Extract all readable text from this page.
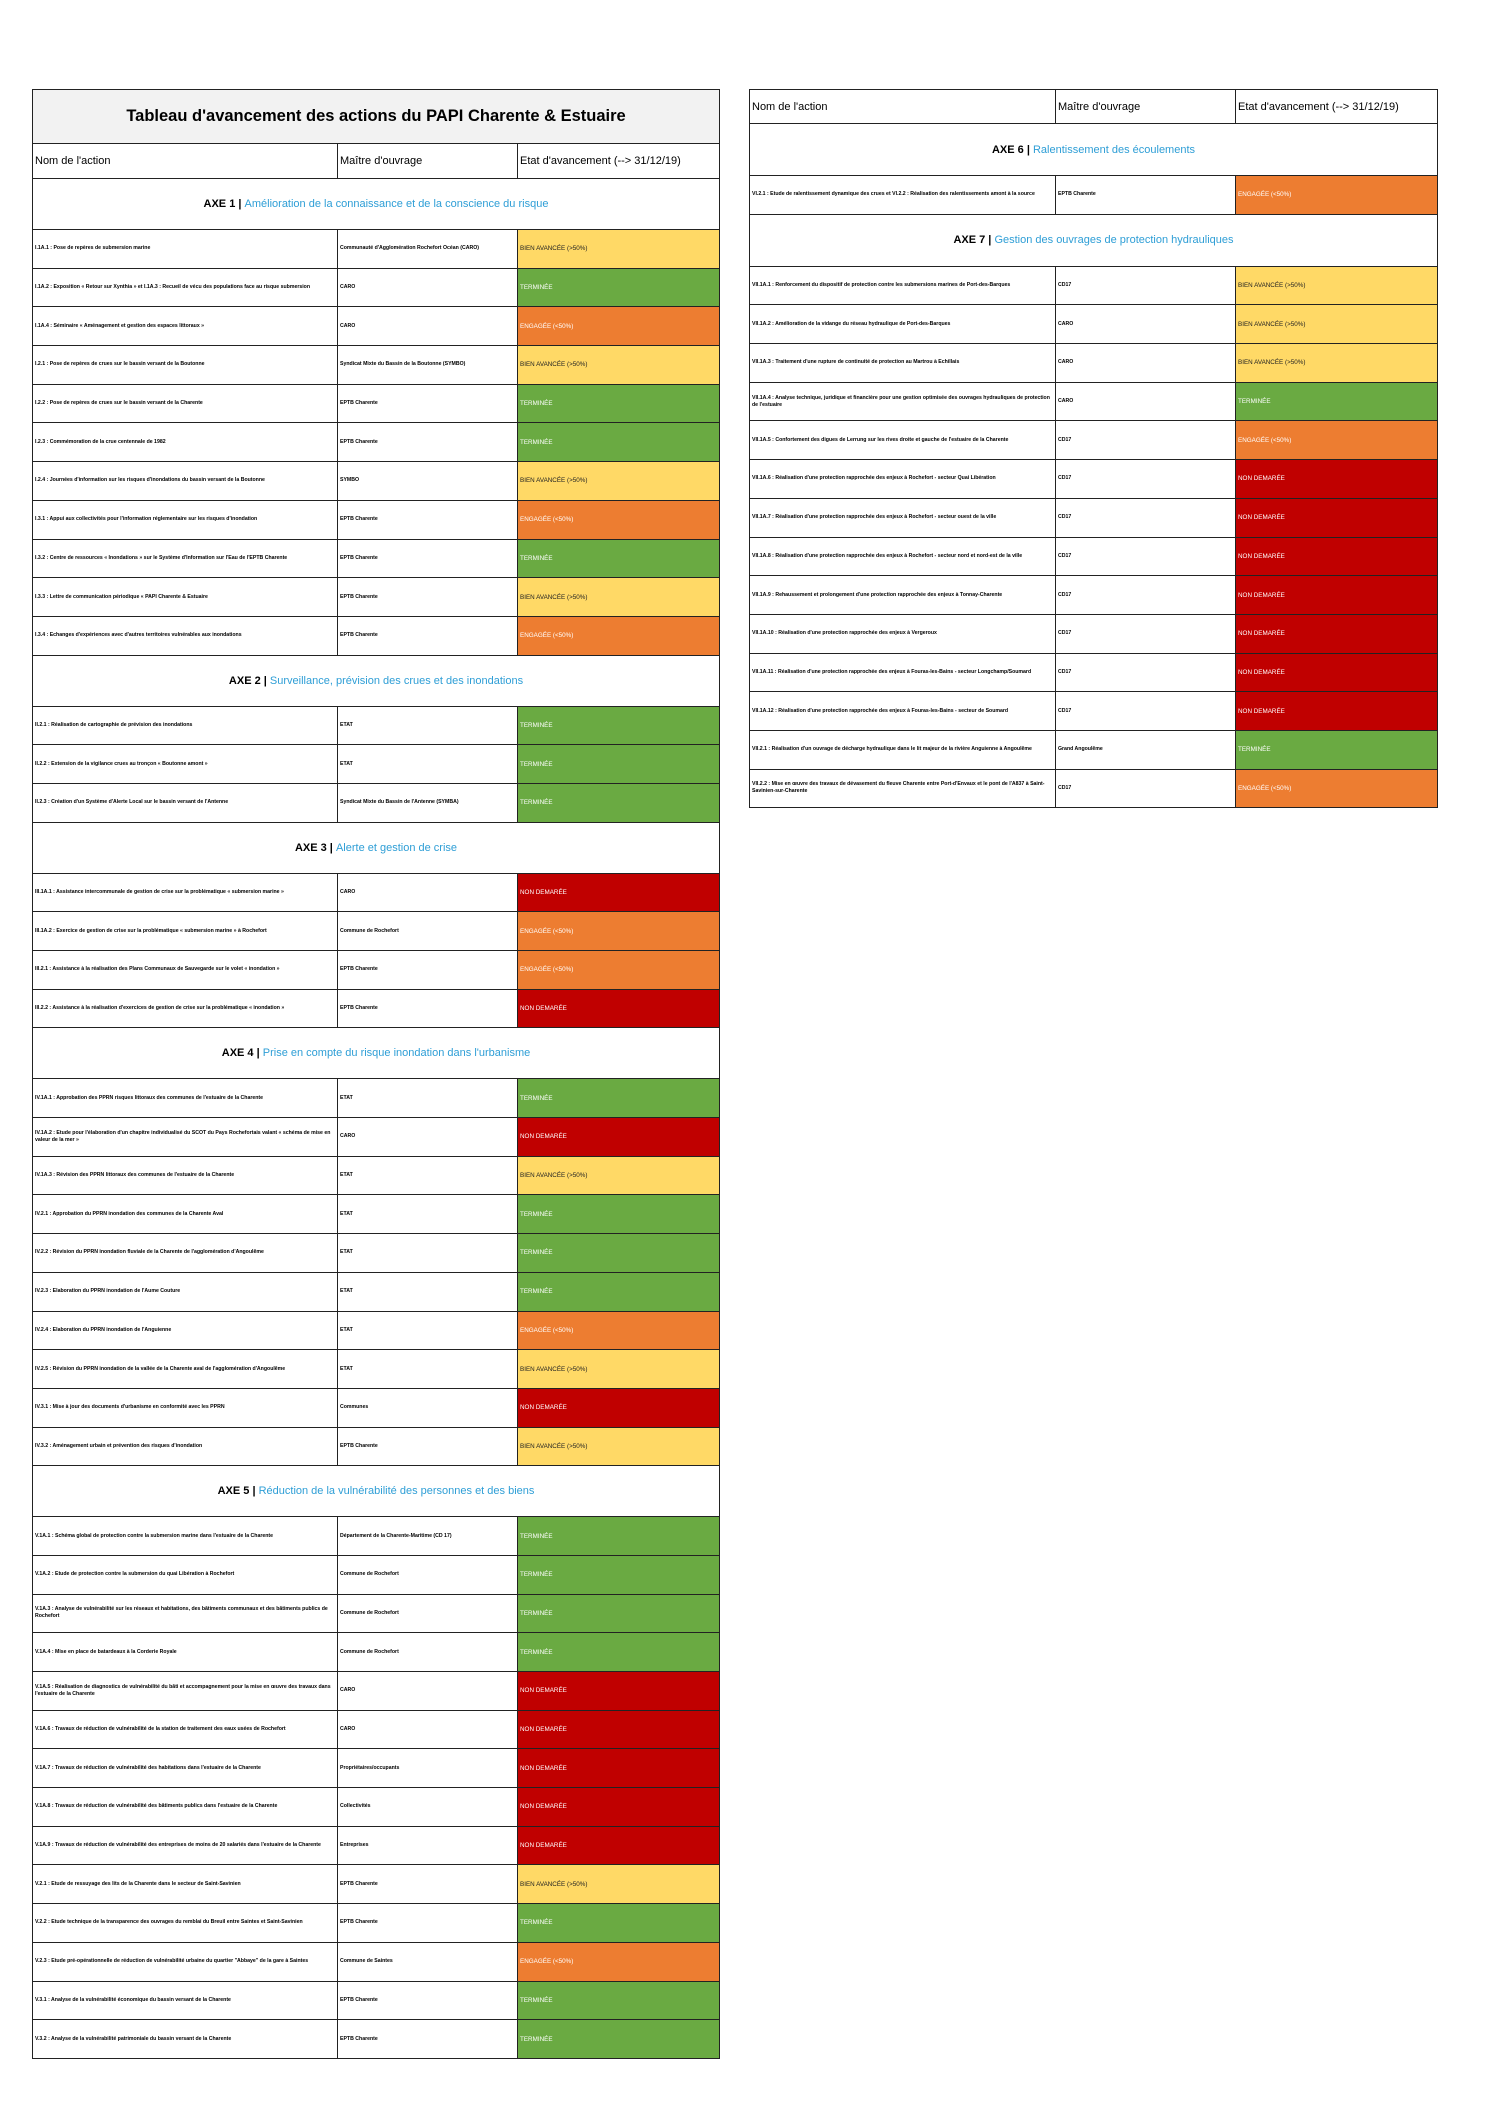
Tableau d'avancement des actions du PAPI Charente & Estuaire		
Nom de l'action	Maître d'ouvrage	Etat d'avancement (--> 31/12/19)
AXE 1 | Amélioration de la connaissance et de la conscience du risque		
I.1A.1 : Pose de repères de submersion marine	Communauté d'Agglomération Rochefort Océan (CARO)	BIEN AVANCÉE (>50%)
I.1A.2 : Exposition « Retour sur Xynthia » et I.1A.3 : Recueil de vécu des populations face au risque submersion	CARO	TERMINÉE
I.1A.4 : Séminaire « Aménagement et gestion des espaces littoraux »	CARO	ENGAGÉE (<50%)
I.2.1 : Pose de repères de crues sur le bassin versant de la Boutonne	Syndicat Mixte du Bassin de la Boutonne (SYMBO)	BIEN AVANCÉE (>50%)
I.2.2 : Pose de repères de crues sur le bassin versant de la Charente	EPTB Charente	TERMINÉE
I.2.3 : Commémoration de la crue centennale de 1982	EPTB Charente	TERMINÉE
I.2.4 : Journées d'information sur les risques d'inondations du bassin versant de la Boutonne	SYMBO	BIEN AVANCÉE (>50%)
I.3.1 : Appui aux collectivités pour l'information réglementaire sur les risques d'inondation	EPTB Charente	ENGAGÉE (<50%)
I.3.2 : Centre de ressources « Inondations » sur le Système d'Information sur l'Eau de l'EPTB Charente	EPTB Charente	TERMINÉE
I.3.3 : Lettre de communication périodique « PAPI Charente & Estuaire	EPTB Charente	BIEN AVANCÉE (>50%)
I.3.4 : Echanges d'expériences avec d'autres territoires vulnérables aux inondations	EPTB Charente	ENGAGÉE (<50%)
AXE 2 | Surveillance, prévision des crues et des inondations		
II.2.1 : Réalisation de cartographie de prévision des inondations	ETAT	TERMINÉE
II.2.2 : Extension de la vigilance crues au tronçon « Boutonne amont »	ETAT	TERMINÉE
II.2.3 : Création d'un Système d'Alerte Local sur le bassin versant de l'Antenne	Syndicat Mixte du Bassin de l'Antenne (SYMBA)	TERMINÉE
AXE 3 | Alerte et gestion de crise		
III.1A.1 : Assistance intercommunale de gestion de crise sur la problématique « submersion marine »	CARO	NON DEMARÉE
III.1A.2 : Exercice de gestion de crise sur la problématique « submersion marine » à Rochefort	Commune de Rochefort	ENGAGÉE (<50%)
III.2.1 : Assistance à la réalisation des Plans Communaux de Sauvegarde sur le volet « inondation »	EPTB Charente	ENGAGÉE (<50%)
III.2.2 : Assistance à la réalisation d'exercices de gestion de crise sur la problématique « inondation »	EPTB Charente	NON DEMARÉE
AXE 4 | Prise en compte du risque inondation dans l'urbanisme		
IV.1A.1 : Approbation des PPRN risques littoraux des communes de l'estuaire de la Charente	ETAT	TERMINÉE
IV.1A.2 : Etude pour l'élaboration d'un chapitre individualisé du SCOT du Pays Rochefortais valant « schéma de mise en valeur de la mer »	CARO	NON DEMARÉE
IV.1A.3 : Révision des PPRN littoraux des communes de l'estuaire de la Charente	ETAT	BIEN AVANCÉE (>50%)
IV.2.1 : Approbation du PPRN inondation des communes de la Charente Aval	ETAT	TERMINÉE
IV.2.2 : Révision du PPRN inondation fluviale de la Charente de l'agglomération d'Angoulême	ETAT	TERMINÉE
IV.2.3 : Elaboration du PPRN inondation de l'Aume Couture	ETAT	TERMINÉE
IV.2.4 : Elaboration du PPRN inondation de l'Anguienne	ETAT	ENGAGÉE (<50%)
IV.2.5 : Révision du PPRN inondation de la vallée de la Charente aval de l'agglomération d'Angoulême	ETAT	BIEN AVANCÉE (>50%)
IV.3.1 : Mise à jour des documents d'urbanisme en conformité avec les PPRN	Communes	NON DEMARÉE
IV.3.2 : Aménagement urbain et prévention des risques d'inondation	EPTB Charente	BIEN AVANCÉE (>50%)
AXE 5 | Réduction de la vulnérabilité des personnes et des biens		
V.1A.1 : Schéma global de protection contre la submersion marine dans l'estuaire de la Charente	Département de la Charente-Maritime (CD 17)	TERMINÉE
V.1A.2 : Etude de protection contre la submersion du quai Libération à Rochefort	Commune de Rochefort	TERMINÉE
V.1A.3 : Analyse de vulnérabilité sur les réseaux et habitations, des bâtiments communaux et des bâtiments publics de Rochefort	Commune de Rochefort	TERMINÉE
V.1A.4 : Mise en place de batardeaux à la Corderie Royale	Commune de Rochefort	TERMINÉE
V.1A.5 : Réalisation de diagnostics de vulnérabilité du bâti et accompagnement pour la mise en œuvre des travaux dans l'estuaire de la Charente	CARO	NON DEMARÉE
V.1A.6 : Travaux de réduction de vulnérabilité de la station de traitement des eaux usées de Rochefort	CARO	NON DEMARÉE
V.1A.7 : Travaux de réduction de vulnérabilité des habitations dans l'estuaire de la Charente	Propriétaires/occupants	NON DEMARÉE
V.1A.8 : Travaux de réduction de vulnérabilité des bâtiments publics dans l'estuaire de la Charente	Collectivités	NON DEMARÉE
V.1A.9 : Travaux de réduction de vulnérabilité des entreprises de moins de 20 salariés dans l'estuaire de la Charente	Entreprises	NON DEMARÉE
V.2.1 : Etude de ressuyage des lits de la Charente dans le secteur de Saint-Savinien	EPTB Charente	BIEN AVANCÉE (>50%)
V.2.2 : Etude technique de la transparence des ouvrages du remblai du Breuil entre Saintes et Saint-Savinien	EPTB Charente	TERMINÉE
V.2.3 : Etude pré-opérationnelle de réduction de vulnérabilité urbaine du quartier "Abbaye" de la gare à Saintes	Commune de Saintes	ENGAGÉE (<50%)
V.3.1 : Analyse de la vulnérabilité économique du bassin versant de la Charente	EPTB Charente	TERMINÉE
V.3.2 : Analyse de la vulnérabilité patrimoniale du bassin versant de la Charente	EPTB Charente	TERMINÉE
Nom de l'action	Maître d'ouvrage	Etat d'avancement (--> 31/12/19)
AXE 6 | Ralentissement des écoulements		
VI.2.1 : Etude de ralentissement dynamique des crues et VI.2.2 : Réalisation des ralentissements amont à la source	EPTB Charente	ENGAGÉE (<50%)
AXE 7 | Gestion des ouvrages de protection hydrauliques		
VII.1A.1 : Renforcement du dispositif de protection contre les submersions marines de Port-des-Barques	CD17	BIEN AVANCÉE (>50%)
VII.1A.2 : Amélioration de la vidange du réseau hydraulique de Port-des-Barques	CARO	BIEN AVANCÉE (>50%)
VII.1A.3 : Traitement d'une rupture de continuité de protection au Martrou à Echillais	CARO	BIEN AVANCÉE (>50%)
VII.1A.4 : Analyse technique, juridique et financière pour une gestion optimisée des ouvrages hydrauliques de protection de l'estuaire	CARO	TERMINÉE
VII.1A.5 : Confortement des digues de Lerrung sur les rives droite et gauche de l'estuaire de la Charente	CD17	ENGAGÉE (<50%)
VII.1A.6 : Réalisation d'une protection rapprochée des enjeux à Rochefort - secteur Quai Libération	CD17	NON DEMARÉE
VII.1A.7 : Réalisation d'une protection rapprochée des enjeux à Rochefort - secteur ouest de la ville	CD17	NON DEMARÉE
VII.1A.8 : Réalisation d'une protection rapprochée des enjeux à Rochefort - secteur nord et nord-est de la ville	CD17	NON DEMARÉE
VII.1A.9 : Rehaussement et prolongement d'une protection rapprochée des enjeux à Tonnay-Charente	CD17	NON DEMARÉE
VII.1A.10 : Réalisation d'une protection rapprochée des enjeux à Vergeroux	CD17	NON DEMARÉE
VII.1A.11 : Réalisation d'une protection rapprochée des enjeux à Fouras-les-Bains - secteur Longchamp/Soumard	CD17	NON DEMARÉE
VII.1A.12 : Réalisation d'une protection rapprochée des enjeux à Fouras-les-Bains - secteur de Soumard	CD17	NON DEMARÉE
VII.2.1 : Réalisation d'un ouvrage de décharge hydraulique dans le lit majeur de la rivière Anguienne à Angoulême	Grand Angoulême	TERMINÉE
VII.2.2 : Mise en œuvre des travaux de dévasement du fleuve Charente entre Port-d'Envaux et le pont de l'A837 à Saint-Savinien-sur-Charente	CD17	ENGAGÉE (<50%)
